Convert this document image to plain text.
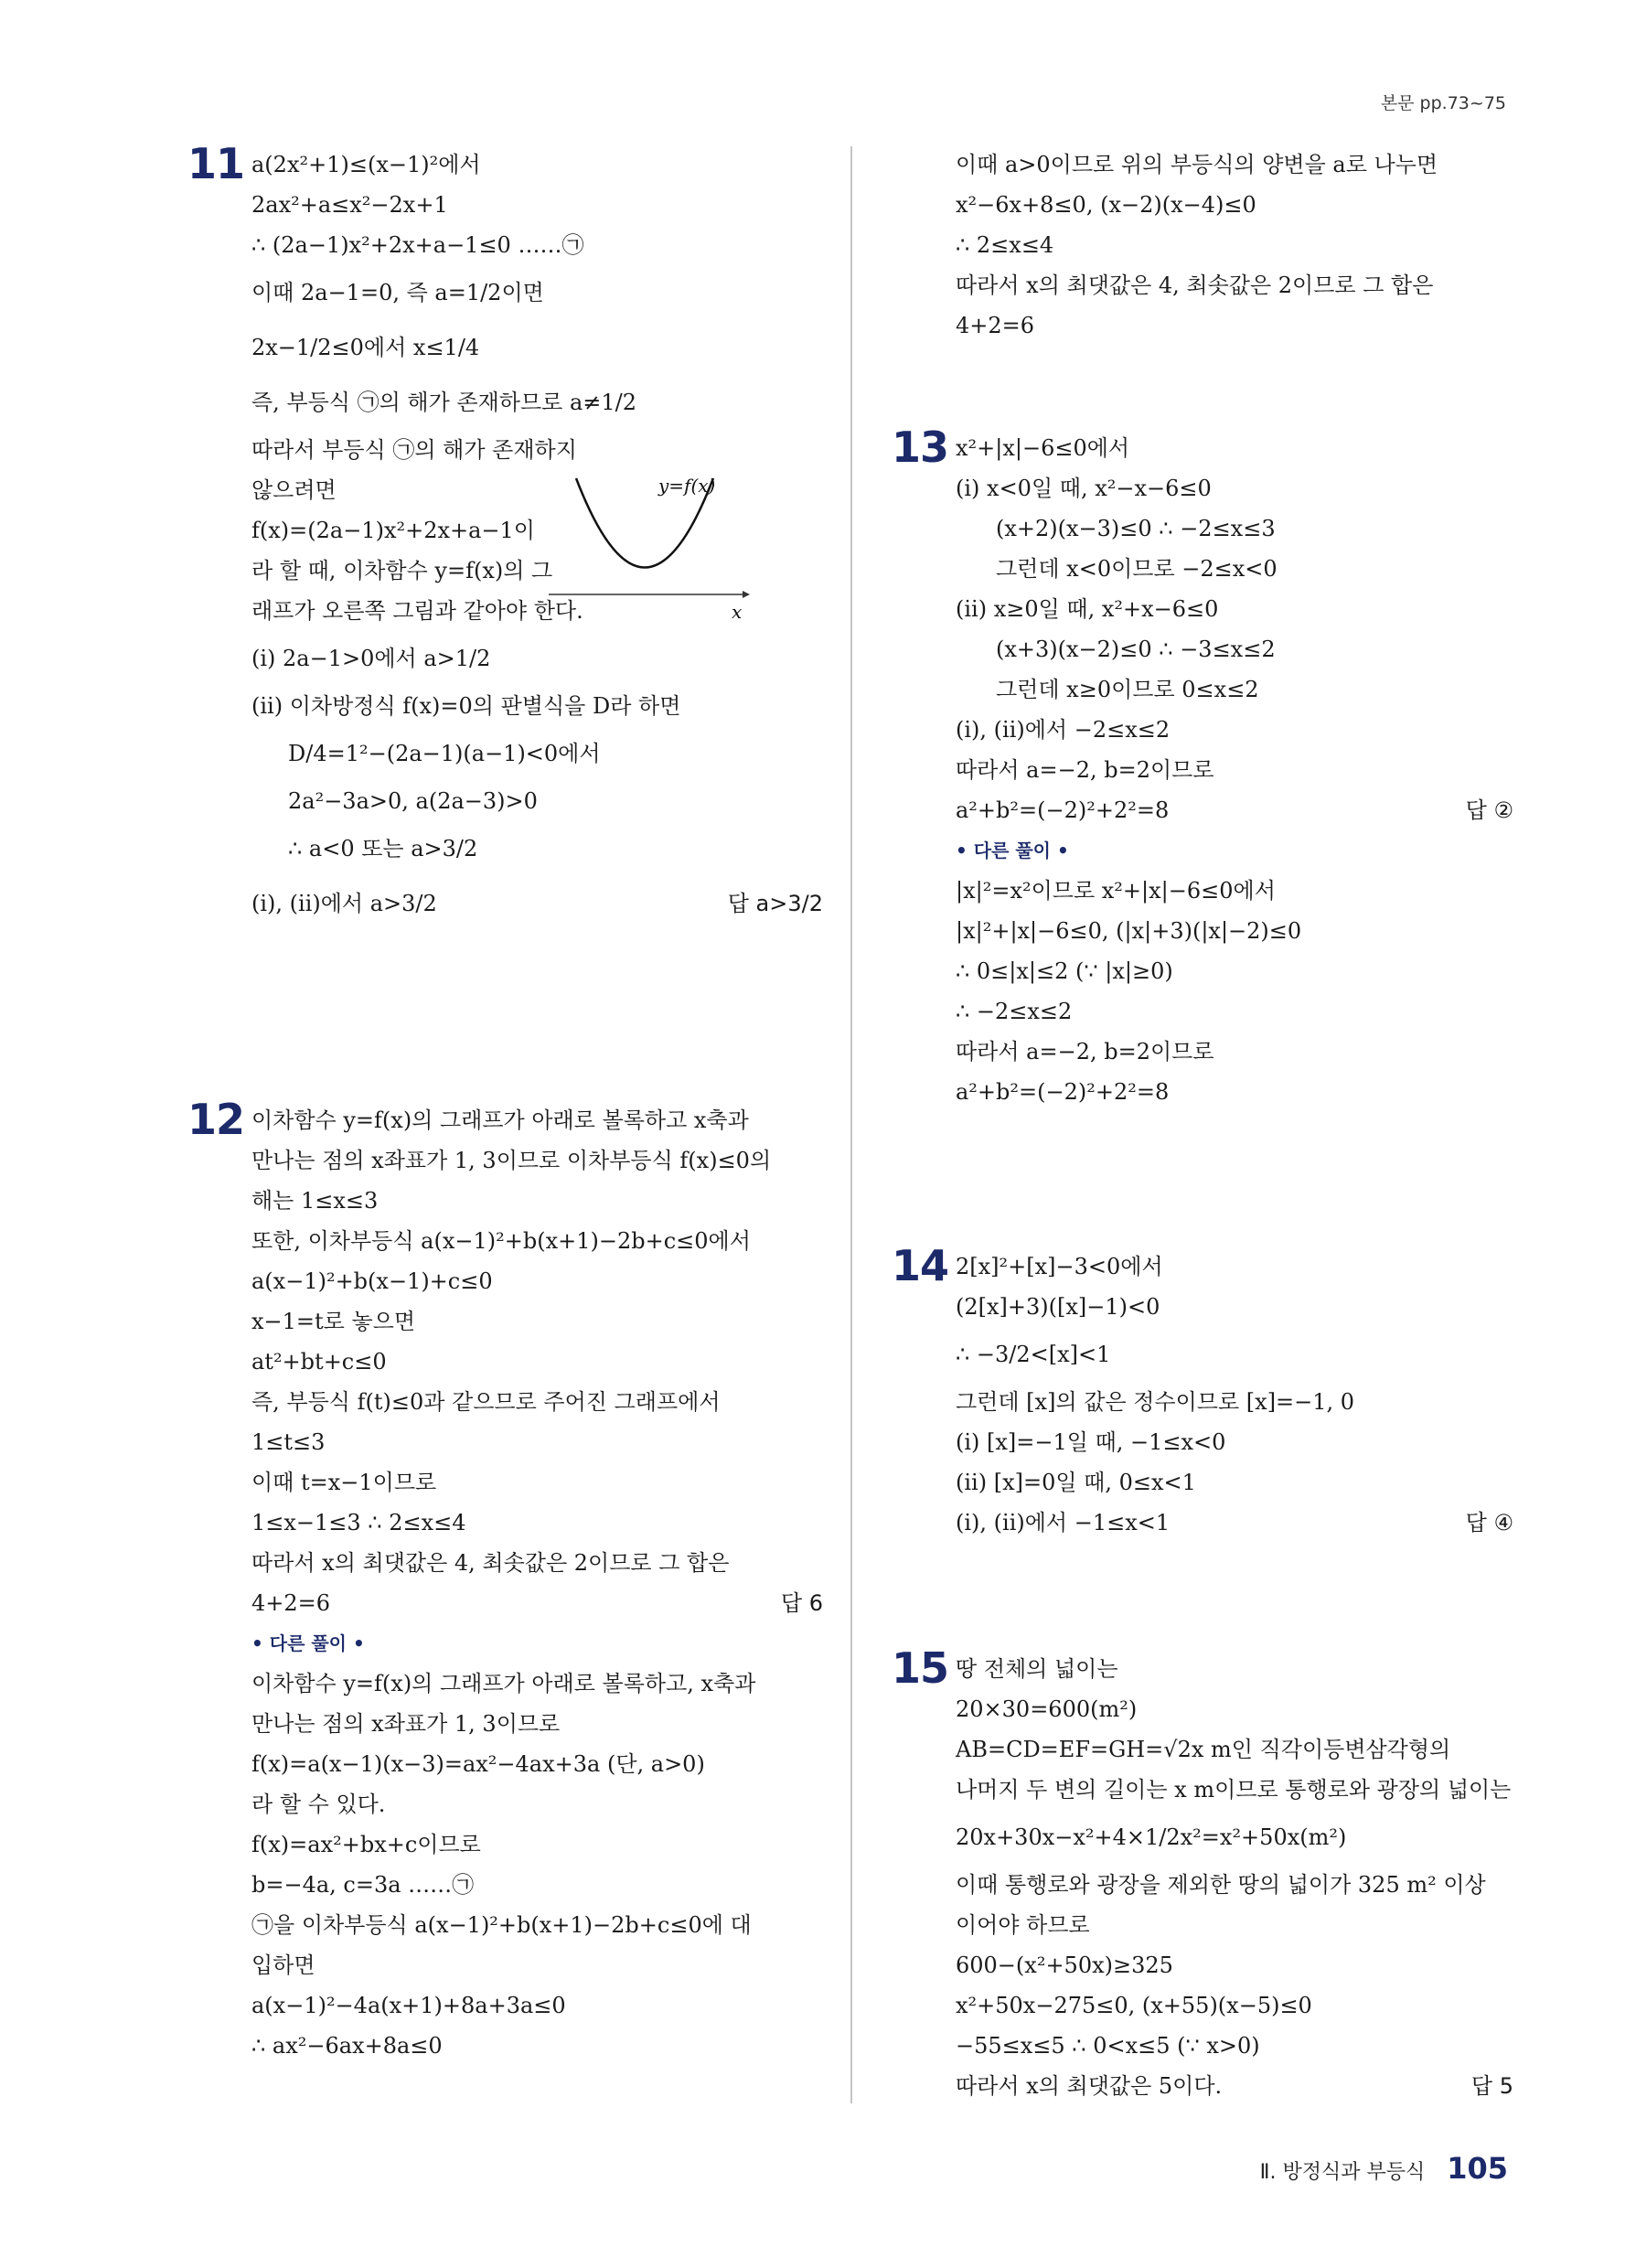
본문 pp.73~75
11 a(2x²+1)≤(x−1)²에서
2ax²+a≤x²−2x+1
∴ (2a−1)x²+2x+a−1≤0 ……㉠
이때 2a−1=0, 즉 a=1/2이면
2x−1/2≤0에서 x≤1/4
즉, 부등식 ㉠의 해가 존재하므로 a≠1/2
따라서 부등식 ㉠의 해가 존재하지
않으려면
f(x)=(2a−1)x²+2x+a−1이
라 할 때, 이차함수 y=f(x)의 그
래프가 오른쪽 그림과 같아야 한다.
(ⅰ) 2a−1>0에서 a>1/2
(ⅱ) 이차방정식 f(x)=0의 판별식을 D라 하면
D/4=1²−(2a−1)(a−1)<0에서
2a²−3a>0, a(2a−3)>0
∴ a<0 또는 a>3/2
(ⅰ), (ⅱ)에서 a>3/2	답 a>3/2
y=f(x)
x
12 이차함수 y=f(x)의 그래프가 아래로 볼록하고 x축과
만나는 점의 x좌표가 1, 3이므로 이차부등식 f(x)≤0의
해는 1≤x≤3
또한, 이차부등식 a(x−1)²+b(x+1)−2b+c≤0에서
a(x−1)²+b(x−1)+c≤0
x−1=t로 놓으면
at²+bt+c≤0
즉, 부등식 f(t)≤0과 같으므로 주어진 그래프에서
1≤t≤3
이때 t=x−1이므로
1≤x−1≤3 ∴ 2≤x≤4
따라서 x의 최댓값은 4, 최솟값은 2이므로 그 합은
4+2=6	답 6
• 다른 풀이 •
이차함수 y=f(x)의 그래프가 아래로 볼록하고, x축과
만나는 점의 x좌표가 1, 3이므로
f(x)=a(x−1)(x−3)=ax²−4ax+3a (단, a>0)
라 할 수 있다.
f(x)=ax²+bx+c이므로
b=−4a, c=3a ……㉠
㉠을 이차부등식 a(x−1)²+b(x+1)−2b+c≤0에 대
입하면
a(x−1)²−4a(x+1)+8a+3a≤0
∴ ax²−6ax+8a≤0
이때 a>0이므로 위의 부등식의 양변을 a로 나누면
x²−6x+8≤0, (x−2)(x−4)≤0
∴ 2≤x≤4
따라서 x의 최댓값은 4, 최솟값은 2이므로 그 합은
4+2=6
13 x²+|x|−6≤0에서
(ⅰ) x<0일 때, x²−x−6≤0
(x+2)(x−3)≤0 ∴ −2≤x≤3
그런데 x<0이므로 −2≤x<0
(ⅱ) x≥0일 때, x²+x−6≤0
(x+3)(x−2)≤0 ∴ −3≤x≤2
그런데 x≥0이므로 0≤x≤2
(ⅰ), (ⅱ)에서 −2≤x≤2
따라서 a=−2, b=2이므로
a²+b²=(−2)²+2²=8	답 ②
• 다른 풀이 •
|x|²=x²이므로 x²+|x|−6≤0에서
|x|²+|x|−6≤0, (|x|+3)(|x|−2)≤0
∴ 0≤|x|≤2 (∵ |x|≥0)
∴ −2≤x≤2
따라서 a=−2, b=2이므로
a²+b²=(−2)²+2²=8
14 2[x]²+[x]−3<0에서
(2[x]+3)([x]−1)<0
∴ −3/2<[x]<1
그런데 [x]의 값은 정수이므로 [x]=−1, 0
(ⅰ) [x]=−1일 때, −1≤x<0
(ⅱ) [x]=0일 때, 0≤x<1
(ⅰ), (ⅱ)에서 −1≤x<1	답 ④
15 땅 전체의 넓이는
20×30=600(m²)
AB=CD=EF=GH=√2x m인 직각이등변삼각형의
나머지 두 변의 길이는 x m이므로 통행로와 광장의 넓이는
20x+30x−x²+4×1/2x²=x²+50x(m²)
이때 통행로와 광장을 제외한 땅의 넓이가 325 m² 이상
이어야 하므로
600−(x²+50x)≥325
x²+50x−275≤0, (x+55)(x−5)≤0
−55≤x≤5 ∴ 0<x≤5 (∵ x>0)
따라서 x의 최댓값은 5이다.	답 5
Ⅱ. 방정식과 부등식 105
